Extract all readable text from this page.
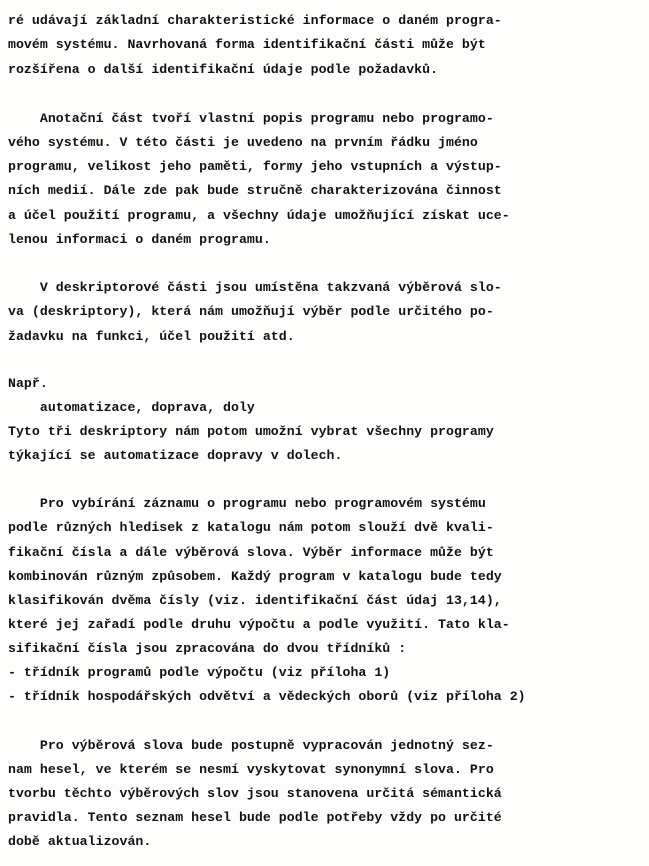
ré udávají základní charakteristické informace o daném progra-
movém systému. Navrhovaná forma identifikační části může být
rozšířena o další identifikační údaje podle požadavků.
Anotační část tvoří vlastní popis programu nebo programo-
vého systému. V této části je uvedeno na prvním řádku jméno
programu, velikost jeho paměti, formy jeho vstupních a výstup-
ních medií. Dále zde pak bude stručně charakterizována činnost
a účel použití programu, a všechny údaje umožňující získat uce-
lenou informaci o daném programu.
V deskriptorové části jsou umístěna takzvaná výběrová slo-
va (deskriptory), která nám umožňují výběr podle určitého po-
žadavku na funkci, účel použití atd.
Např.
automatizace, doprava, doly
Tyto tři deskriptory nám potom umožní vybrat všechny programy
týkající se automatizace dopravy v dolech.
Pro vybírání záznamu o programu nebo programovém systému
podle různých hledisek z katalogu nám potom slouží dvě kvali-
fikační čísla a dále výběrová slova. Výběr informace může být
kombinován různým způsobem. Každý program v katalogu bude tedy
klasifikován dvěma čísly (viz. identifikační část údaj 13,14),
které jej zařadí podle druhu výpočtu a podle využití. Tato kla-
sifikační čísla jsou zpracována do dvou třídníků :
- třídník programů podle výpočtu (viz příloha 1)
- třídník hospodářských odvětví a vědeckých oborů (viz příloha 2)
Pro výběrová slova bude postupně vypracován jednotný sez-
nam hesel, ve kterém se nesmí vyskytovat synonymní slova. Pro
tvorbu těchto výběrových slov jsou stanovena určitá sémantická
pravidla. Tento seznam hesel bude podle potřeby vždy po určité
době aktualizován.
